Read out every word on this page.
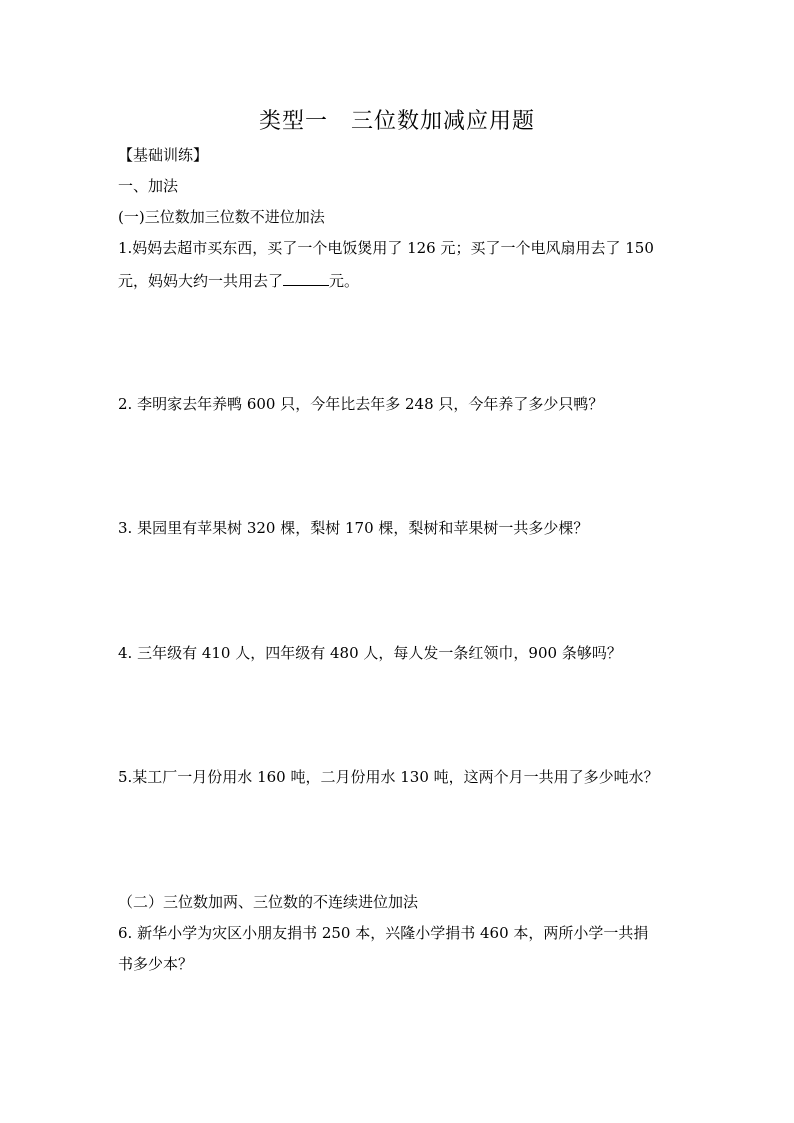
类型一　三位数加减应用题
【基础训练】
一、加法
(一)三位数加三位数不进位加法
1.妈妈去超市买东西，买了一个电饭煲用了 126 元；买了一个电风扇用去了 150
元，妈妈大约一共用去了	元。
2. 李明家去年养鸭 600 只，今年比去年多 248 只，今年养了多少只鸭？
3. 果园里有苹果树 320 棵，梨树 170 棵，梨树和苹果树一共多少棵？
4. 三年级有 410 人，四年级有 480 人，每人发一条红领巾，900 条够吗？
5.某工厂一月份用水 160 吨，二月份用水 130 吨，这两个月一共用了多少吨水？
（二）三位数加两、三位数的不连续进位加法
6. 新华小学为灾区小朋友捐书 250 本，兴隆小学捐书 460 本，两所小学一共捐
书多少本？
